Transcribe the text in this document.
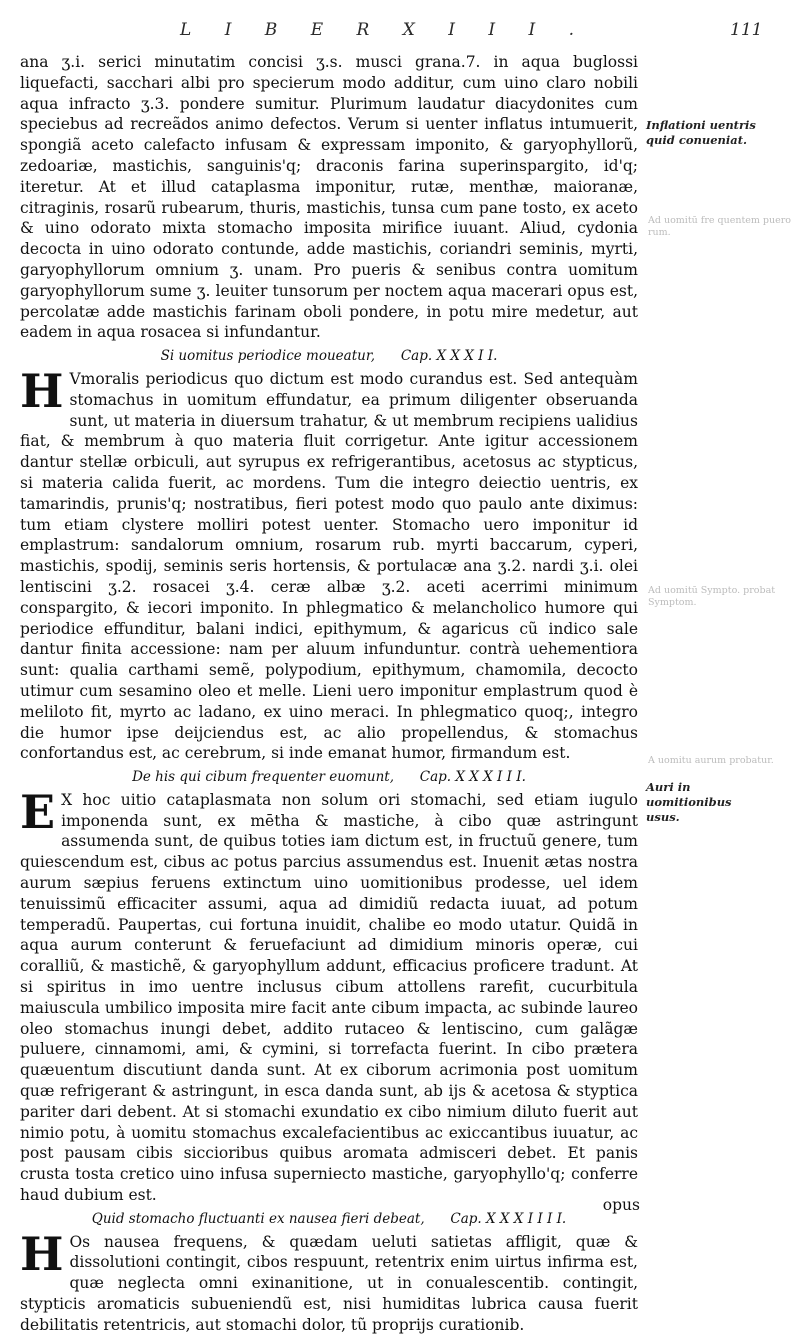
L I B E R X I I I .	111

ana ʒ.i. serici minutatim concisi ʒ.s. musci grana.7. in aqua buglossi liquefacti, sacchari albi pro specierum modo additur, cum uino claro nobili aqua infracto ʒ.3. pondere sumitur. Plurimum laudatur diacydonites cum speciebus ad recreãdos animo defectos. Verum si uenter inflatus intumuerit, spongiã aceto calefacto infusam & expressam imponito, & garyophyllorũ, zedoariæ, mastichis, sanguinis'q; draconis farina superinspargito, id'q; iteretur. At et illud cataplasma imponitur, rutæ, menthæ, maioranæ, citraginis, rosarũ rubearum, thuris, mastichis, tunsa cum pane tosto, ex aceto & uino odorato mixta stomacho imposita mirifice iuuant. Aliud, cydonia decocta in uino odorato contunde, adde mastichis, coriandri seminis, myrti, garyophyllorum omnium ʒ. unam. Pro pueris & senibus contra uomitum garyophyllorum sume ʒ. leuiter tunsorum per noctem aqua macerari opus est, percolatæ adde mastichis farinam oboli pondere, in potu mire medetur, aut eadem in aqua rosacea si infundantur.

Si uomitus periodice moueatur, Cap. X X X I I.

H Vmoralis periodicus quo dictum est modo curandus est. Sed antequàm stomachus in uomitum effundatur, ea primum diligenter obseruanda sunt, ut materia in diuersum trahatur, & ut membrum recipiens ualidius fiat, & membrum à quo materia fluit corrigetur. Ante igitur accessionem dantur stellæ orbiculi, aut syrupus ex refrigerantibus, acetosus ac stypticus, si materia calida fuerit, ac mordens. Tum die integro deiectio uentris, ex tamarindis, prunis'q; nostratibus, fieri potest modo quo paulo ante diximus: tum etiam clystere molliri potest uenter. Stomacho uero imponitur id emplastrum: sandalorum omnium, rosarum rub. myrti baccarum, cyperi, mastichis, spodij, seminis seris hortensis, & portulacæ ana ʒ.2. nardi ʒ.i. olei lentiscini ʒ.2. rosacei ʒ.4. ceræ albæ ʒ.2. aceti acerrimi minimum conspargito, & iecori imponito. In phlegmatico & melancholico humore qui periodice effunditur, balani indici, epithymum, & agaricus cũ indico sale dantur finita accessione: nam per aluum infunduntur. contrà uehementiora sunt: qualia carthami semẽ, polypodium, epithymum, chamomila, decocto utimur cum sesamino oleo et melle. Lieni uero imponitur emplastrum quod è meliloto fit, myrto ac ladano, ex uino meraci. In phlegmatico quoq;, integro die humor ipse deijciendus est, ac alio propellendus, & stomachus confortandus est, ac cerebrum, si inde emanat humor, firmandum est.

De his qui cibum frequenter euomunt, Cap. X X X I I I.

E X hoc uitio cataplasmata non solum ori stomachi, sed etiam iugulo imponenda sunt, ex mētha & mastiche, à cibo quæ astringunt assumenda sunt, de quibus toties iam dictum est, in fructuũ genere, tum quiescendum est, cibus ac potus parcius assumendus est. Inuenit ætas nostra aurum sæpius feruens extinctum uino uomitionibus prodesse, uel idem tenuissimũ efficaciter assumi, aqua ad dimidiũ redacta iuuat, ad potum temperadũ. Paupertas, cui fortuna inuidit, chalibe eo modo utatur. Quidã in aqua aurum conterunt & feruefaciunt ad dimidium minoris operæ, cui coralliũ, & mastichẽ, & garyophyllum addunt, efficacius proficere tradunt. At si spiritus in imo uentre inclusus cibum attollens rarefit, cucurbitula maiuscula umbilico imposita mire facit ante cibum impacta, ac subinde laureo oleo stomachus inungi debet, addito rutaceo & lentiscino, cum galãgæ puluere, cinnamomi, ami, & cymini, si torrefacta fuerint. In cibo prætera quæuentum discutiunt danda sunt. At ex ciborum acrimonia post uomitum quæ refrigerant & astringunt, in esca danda sunt, ab ijs & acetosa & styptica pariter dari debent. At si stomachi exundatio ex cibo nimium diluto fuerit aut nimio potu, à uomitu stomachus excalefacientibus ac exiccantibus iuuatur, ac post pausam cibis siccioribus quibus aromata admisceri debet. Et panis crusta tosta cretico uino infusa superniecto mastiche, garyophyllo'q; conferre haud dubium est.

Quid stomacho fluctuanti ex nausea fieri debeat, Cap. X X X I I I I.

H Os nausea frequens, & quædam ueluti satietas affligit, quæ & dissolutioni contingit, cibos respuunt, retentrix enim uirtus infirma est, quæ neglecta omni exinanitione, ut in conualescentib. contingit, stypticis aromaticis subueniendũ est, nisi humiditas lubrica causa fuerit debilitatis retentricis, aut stomachi dolor, tũ proprijs curationib.

opus
Inflationi uentris quid conueniat.
Auri in uomitionibus usus.
Ad uomitū fre quentem puero rum.
Ad uomitū Sympto. probat Symptom.
A uomitu aurum probatur.
